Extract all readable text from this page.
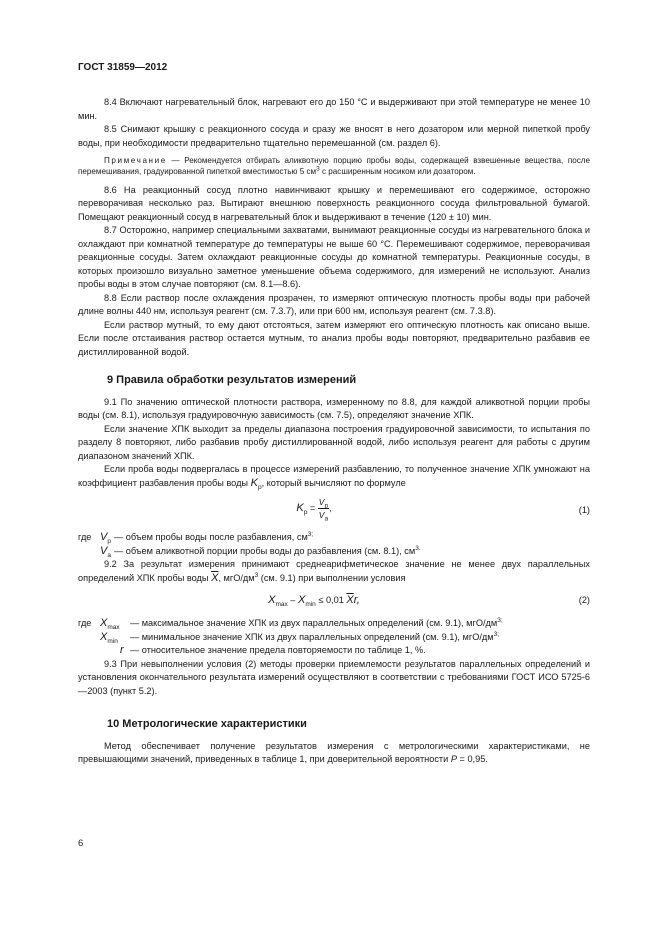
ГОСТ 31859—2012

8.4 Включают нагревательный блок, нагревают его до 150 °С и выдерживают при этой температуре не менее 10 мин.

8.5 Снимают крышку с реакционного сосуда и сразу же вносят в него дозатором или мерной пипеткой пробу воды, при необходимости предварительно тщательно перемешанной (см. раздел 6).

Примечание — Рекомендуется отбирать аликвотную порцию пробы воды, содержащей взвешенные вещества, после перемешивания, градуированной пипеткой вместимостью 5 $см^3$ с расширенным носиком или дозатором.

8.6 На реакционный сосуд плотно навинчивают крышку и перемешивают его содержимое, осторожно переворачивая несколько раз. Вытирают внешнюю поверхность реакционного сосуда фильтровальной бумагой. Помещают реакционный сосуд в нагревательный блок и выдерживают в течение (120 ± 10) мин.

8.7 Осторожно, например специальными захватами, вынимают реакционные сосуды из нагревательного блока и охлаждают при комнатной температуре до температуры не выше 60 °С. Перемешивают содержимое, переворачивая реакционные сосуды. Затем охлаждают реакционные сосуды до комнатной температуры. Реакционные сосуды, в которых произошло визуально заметное уменьшение объема содержимого, для измерений не используют. Анализ пробы воды в этом случае повторяют (см. 8.1—8.6).

8.8 Если раствор после охлаждения прозрачен, то измеряют оптическую плотность пробы воды при рабочей длине волны 440 нм, используя реагент (см. 7.3.7), или при 600 нм, используя реагент (см. 7.3.8).

Если раствор мутный, то ему дают отстояться, затем измеряют его оптическую плотность как описано выше. Если после отстаивания раствор остается мутным, то анализ пробы воды повторяют, предварительно разбавив ее дистиллированной водой.

9 Правила обработки результатов измерений

9.1 По значению оптической плотности раствора, измеренному по 8.8, для каждой аликвотной порции пробы воды (см. 8.1), используя градуировочную зависимость (см. 7.5), определяют значение ХПК.

Если значение ХПК выходит за пределы диапазона построения градуировочной зависимости, то испытания по разделу 8 повторяют, либо разбавив пробу дистиллированной водой, либо используя реагент для работы с другим диапазоном значений ХПК.

Если проба воды подвергалась в процессе измерений разбавлению, то полученное значение ХПК умножают на коэффициент разбавления пробы воды $K_p$, который вычисляют по формуле

$K_p = \frac{V_p}{V_a}$ ,	(1)
где $V_p$ — объем пробы воды после разбавления, $см^{3;}$
$V_a$ — объем аликвотной порции пробы воды до разбавления (см. 8.1), $см^{3.}$

9.2 За результат измерения принимают среднеарифметическое значение не менее двух параллельных определений ХПК пробы воды $\overline{X}$, мгО/$дм^3$ (см. 9.1) при выполнении условия

$X_{max} - X_{min} \le 0,01$ $\overline{X}r$,	(2)
где $X_{max}$ — максимальное значение ХПК из двух параллельных определений (см. 9.1), мгО/$дм^{3;}$
$X_{min}$ — минимальное значение ХПК из двух параллельных определений (см. 9.1), мгО/$дм^{3;}$
r — относительное значение предела повторяемости по таблице 1, %.

9.3 При невыполнении условия (2) методы проверки приемлемости результатов параллельных определений и установления окончательного результата измерений осуществляют в соответствии с требованиями ГОСТ ИСО 5725-6—2003 (пункт 5.2).

10 Метрологические характеристики

Метод обеспечивает получение результатов измерения с метрологическими характеристиками, не превышающими значений, приведенных в таблице 1, при доверительной вероятности P = 0,95.

6
